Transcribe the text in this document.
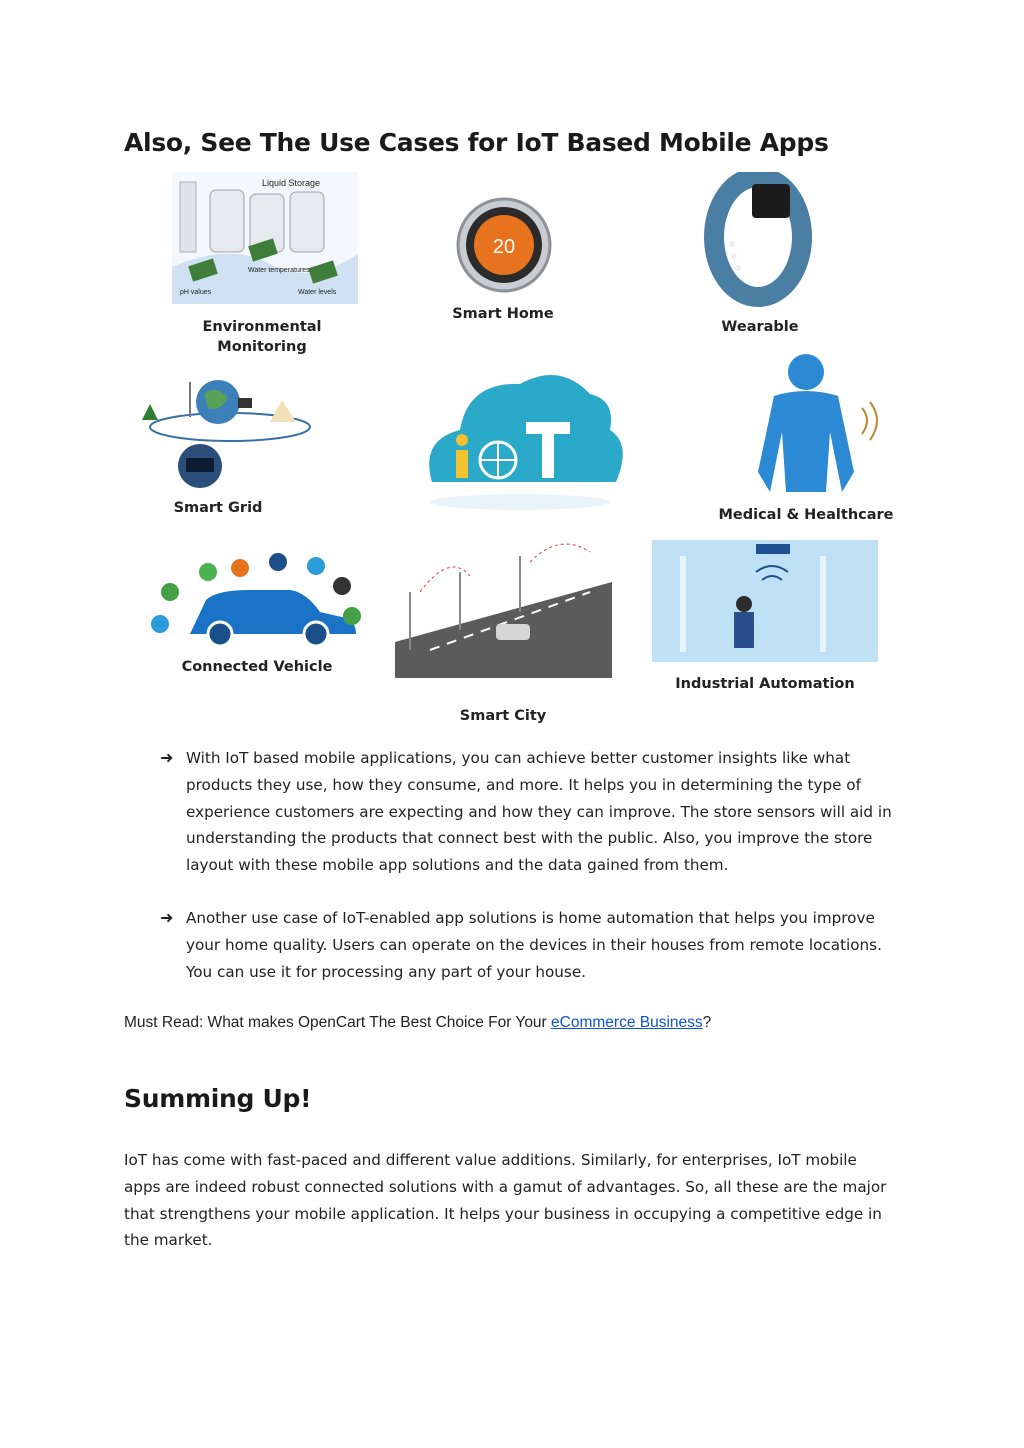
Also, See The Use Cases for IoT Based Mobile Apps
Liquid Storage
Water temperatures
pH values	Water levels
20
Environmental Monitoring
Smart Home
Wearable
Smart Grid	Medical & Healthcare
Connected Vehicle
Industrial Automation
Smart City
➜ With IoT based mobile applications, you can achieve better customer insights like what products they use, how they consume, and more. It helps you in determining the type of experience customers are expecting and how they can improve. The store sensors will aid in understanding the products that connect best with the public. Also, you improve the store layout with these mobile app solutions and the data gained from them.
➜ Another use case of IoT-enabled app solutions is home automation that helps you improve your home quality. Users can operate on the devices in their houses from remote locations. You can use it for processing any part of your house.
Must Read: What makes OpenCart The Best Choice For Your eCommerce Business?
Summing Up!
IoT has come with fast-paced and different value additions. Similarly, for enterprises, IoT mobile apps are indeed robust connected solutions with a gamut of advantages. So, all these are the major that strengthens your mobile application. It helps your business in occupying a competitive edge in the market.
